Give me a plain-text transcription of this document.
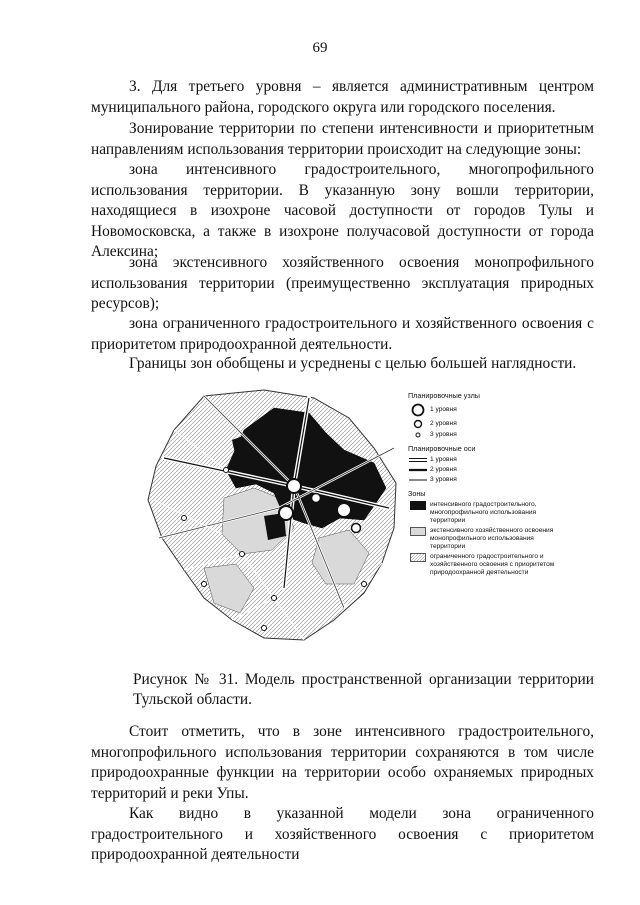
69

3. Для третьего уровня – является административным центром муниципального района, городского округа или городского поселения.

Зонирование территории по степени интенсивности и приоритетным направлениям использования территории происходит на следующие зоны:

зона интенсивного градостроительного, многопрофильного использования территории. В указанную зону вошли территории, находящиеся в изохроне часовой доступности от городов Тулы и Новомосковска, а также в изохроне получасовой доступности от города Алексина;

зона экстенсивного хозяйственного освоения монопрофильного использования территории (преимущественно эксплуатация природных ресурсов);

зона ограниченного градостроительного и хозяйственного освоения с приоритетом природоохранной деятельности.

Границы зон обобщены и усреднены с целью большей наглядности.

Планировочные узлы
1 уровня
2 уровня
3 уровня
Планировочные оси
1 уровня
2 уровня
3 уровня
Зоны
интенсивного градостроительного, многопрофильного использования территории
экстенсивного хозяйственного освоения монопрофильного использования территории
ограниченного градостроительного и хозяйственного освоения с приоритетом природоохранной деятельности

Рисунок № 31. Модель пространственной организации территории Тульской области.

Стоит отметить, что в зоне интенсивного градостроительного, многопрофильного использования территории сохраняются в том числе природоохранные функции на территории особо охраняемых природных территорий и реки Упы.

Как видно в указанной модели зона ограниченного градостроительного и хозяйственного освоения с приоритетом природоохранной деятельности
